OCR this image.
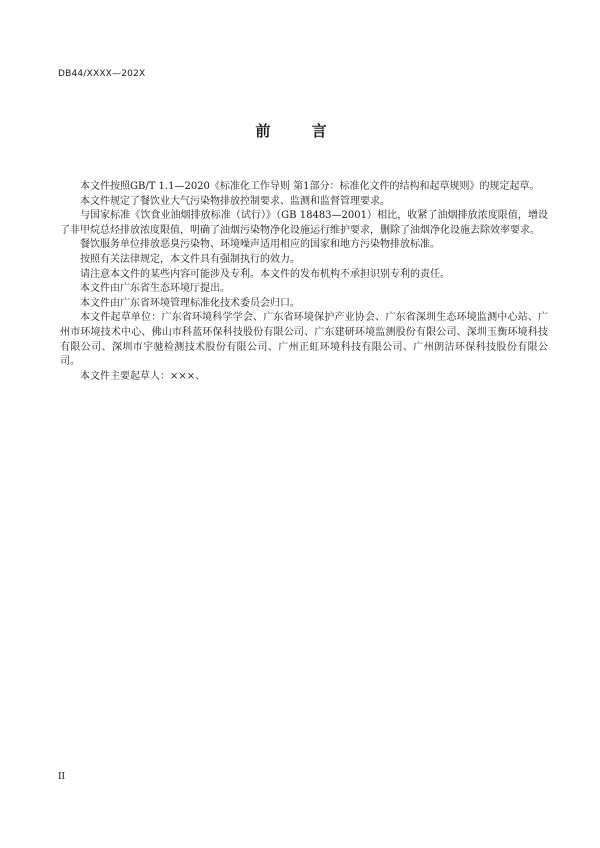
DB44/XXXX—202X
前 言

本文件按照GB/T 1.1—2020《标准化工作导则 第1部分：标准化文件的结构和起草规则》的规定起草。

本文件规定了餐饮业大气污染物排放控制要求、监测和监督管理要求。

与国家标准《饮食业油烟排放标准（试行）》（GB 18483—2001）相比，收紧了油烟排放浓度限值，增设了非甲烷总烃排放浓度限值，明确了油烟污染物净化设施运行维护要求，删除了油烟净化设施去除效率要求。

餐饮服务单位排放恶臭污染物、环境噪声适用相应的国家和地方污染物排放标准。

按照有关法律规定，本文件具有强制执行的效力。

请注意本文件的某些内容可能涉及专利。本文件的发布机构不承担识别专利的责任。

本文件由广东省生态环境厅提出。

本文件由广东省环境管理标准化技术委员会归口。

本文件起草单位：广东省环境科学学会、广东省环境保护产业协会、广东省深圳生态环境监测中心站、广州市环境技术中心、佛山市科蓝环保科技股份有限公司、广东建研环境监测股份有限公司、深圳玉衡环境科技有限公司、深圳市宇驰检测技术股份有限公司、广州正虹环境科技有限公司、广州朗洁环保科技股份有限公司。

本文件主要起草人：×××、

II
